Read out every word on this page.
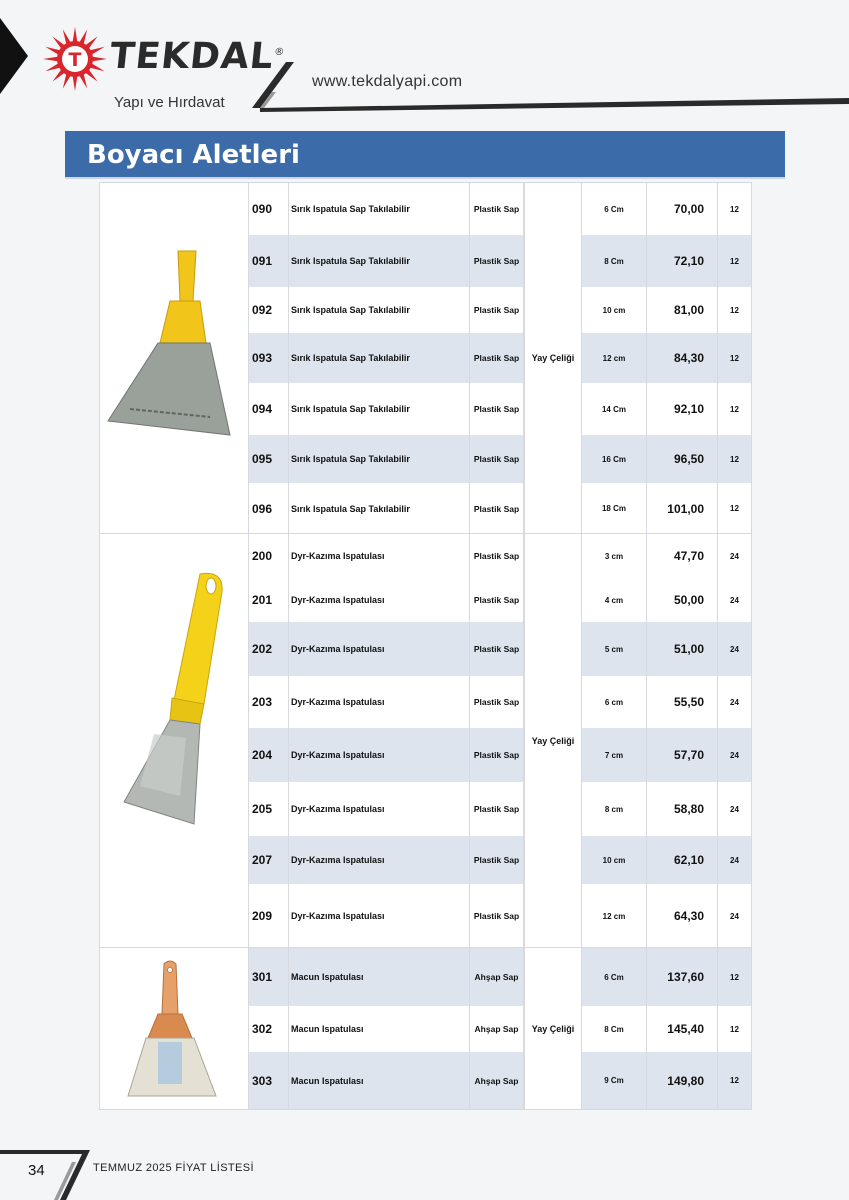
T TEKDAL®
Yapı ve Hırdavat
www.tekdalyapi.com
Boyacı Aletleri
Yay Çeliği
090	Sırık Ispatula Sap Takılabilir	Plastik Sap	6 Cm	70,00	12
091	Sırık Ispatula Sap Takılabilir	Plastik Sap	8 Cm	72,10	12
092	Sırık Ispatula Sap Takılabilir	Plastik Sap	10 cm	81,00	12
093	Sırık Ispatula Sap Takılabilir	Plastik Sap	12 cm	84,30	12
094	Sırık Ispatula Sap Takılabilir	Plastik Sap	14 Cm	92,10	12
095	Sırık Ispatula Sap Takılabilir	Plastik Sap	16 Cm	96,50	12
096	Sırık Ispatula Sap Takılabilir	Plastik Sap	18 Cm	101,00	12
Yay Çeliği
200	Dyr-Kazıma Ispatulası	Plastik Sap	3 cm	47,70	24
201	Dyr-Kazıma Ispatulası	Plastik Sap	4 cm	50,00	24
202	Dyr-Kazıma Ispatulası	Plastik Sap	5 cm	51,00	24
203	Dyr-Kazıma Ispatulası	Plastik Sap	6 cm	55,50	24
204	Dyr-Kazıma Ispatulası	Plastik Sap	7 cm	57,70	24
205	Dyr-Kazıma Ispatulası	Plastik Sap	8 cm	58,80	24
207	Dyr-Kazıma Ispatulası	Plastik Sap	10 cm	62,10	24
209	Dyr-Kazıma Ispatulası	Plastik Sap	12 cm	64,30	24
Yay Çeliği
301	Macun Ispatulası	Ahşap Sap	6 Cm	137,60	12
302	Macun Ispatulası	Ahşap Sap	8 Cm	145,40	12
303	Macun Ispatulası	Ahşap Sap	9 Cm	149,80	12
34	TEMMUZ 2025 FİYAT LİSTESİ
